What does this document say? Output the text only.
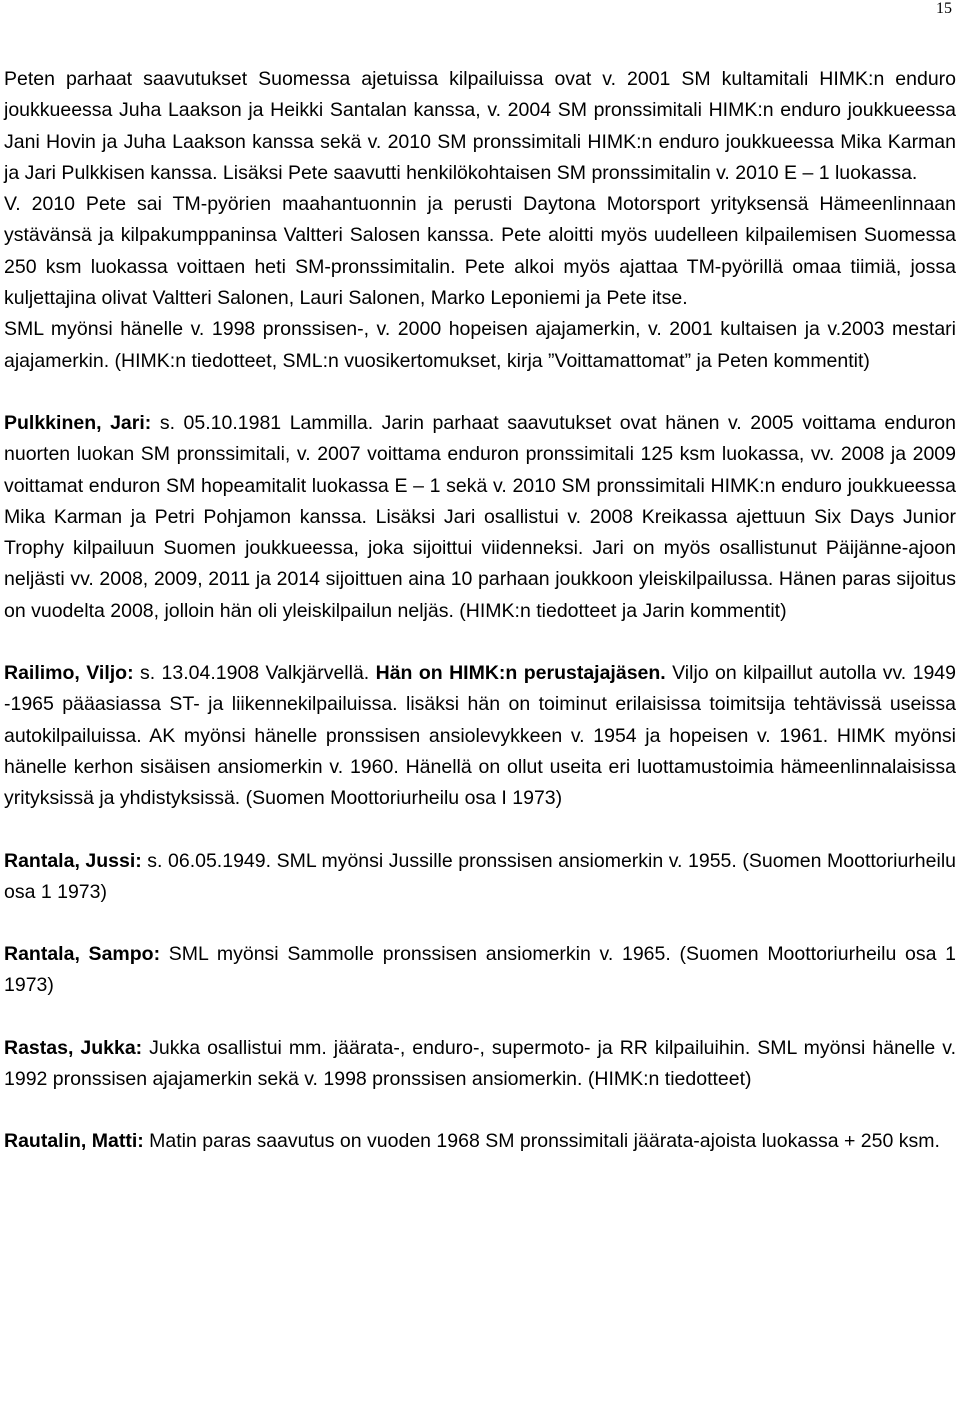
15

Peten parhaat saavutukset Suomessa ajetuissa kilpailuissa ovat v. 2001 SM kultamitali HIMK:n enduro joukkueessa Juha Laakson ja Heikki Santalan kanssa, v. 2004 SM pronssimitali HIMK:n enduro joukkueessa Jani Hovin ja Juha Laakson kanssa sekä v. 2010 SM pronssimitali HIMK:n enduro joukkueessa Mika Karman ja Jari Pulkkisen kanssa. Lisäksi Pete saavutti henkilökohtaisen SM pronssimitalin v. 2010 E – 1 luokassa.

V. 2010 Pete sai TM-pyörien maahantuonnin ja perusti Daytona Motorsport yrityksensä Hämeenlinnaan ystävänsä ja kilpakumppaninsa Valtteri Salosen kanssa. Pete aloitti myös uudelleen kilpailemisen Suomessa 250 ksm luokassa voittaen heti SM-pronssimitalin. Pete alkoi myös ajattaa TM-pyörillä omaa tiimiä, jossa kuljettajina olivat Valtteri Salonen, Lauri Salonen, Marko Leponiemi ja Pete itse.

SML myönsi hänelle v. 1998 pronssisen-, v. 2000 hopeisen ajajamerkin, v. 2001 kultaisen ja v.2003 mestari ajajamerkin. (HIMK:n tiedotteet, SML:n vuosikertomukset, kirja ”Voittamattomat” ja Peten kommentit)

Pulkkinen, Jari: s. 05.10.1981 Lammilla. Jarin parhaat saavutukset ovat hänen v. 2005 voittama enduron nuorten luokan SM pronssimitali, v. 2007 voittama enduron pronssimitali 125 ksm luokassa, vv. 2008 ja 2009 voittamat enduron SM hopeamitalit luokassa E – 1 sekä v. 2010 SM pronssimitali HIMK:n enduro joukkueessa Mika Karman ja Petri Pohjamon kanssa. Lisäksi Jari osallistui v. 2008 Kreikassa ajettuun Six Days Junior Trophy kilpailuun Suomen joukkueessa, joka sijoittui viidenneksi. Jari on myös osallistunut Päijänne-ajoon neljästi vv. 2008, 2009, 2011 ja 2014 sijoittuen aina 10 parhaan joukkoon yleiskilpailussa. Hänen paras sijoitus on vuodelta 2008, jolloin hän oli yleiskilpailun neljäs. (HIMK:n tiedotteet ja Jarin kommentit)

Railimo, Viljo: s. 13.04.1908 Valkjärvellä. Hän on HIMK:n perustajajäsen. Viljo on kilpaillut autolla vv. 1949 -1965 pääasiassa ST- ja liikennekilpailuissa. lisäksi hän on toiminut erilaisissa toimitsija tehtävissä useissa autokilpailuissa. AK myönsi hänelle pronssisen ansiolevykkeen v. 1954 ja hopeisen v. 1961. HIMK myönsi hänelle kerhon sisäisen ansiomerkin v. 1960. Hänellä on ollut useita eri luottamustoimia hämeenlinnalaisissa yrityksissä ja yhdistyksissä. (Suomen Moottoriurheilu osa I 1973)

Rantala, Jussi: s. 06.05.1949. SML myönsi Jussille pronssisen ansiomerkin v. 1955. (Suomen Moottoriurheilu osa 1 1973)

Rantala, Sampo: SML myönsi Sammolle pronssisen ansiomerkin v. 1965. (Suomen Moottoriurheilu osa 1 1973)

Rastas, Jukka: Jukka osallistui mm. jäärata-, enduro-, supermoto- ja RR kilpailuihin. SML myönsi hänelle v. 1992 pronssisen ajajamerkin sekä v. 1998 pronssisen ansiomerkin. (HIMK:n tiedotteet)

Rautalin, Matti: Matin paras saavutus on vuoden 1968 SM pronssimitali jäärata-ajoista luokassa + 250 ksm.
